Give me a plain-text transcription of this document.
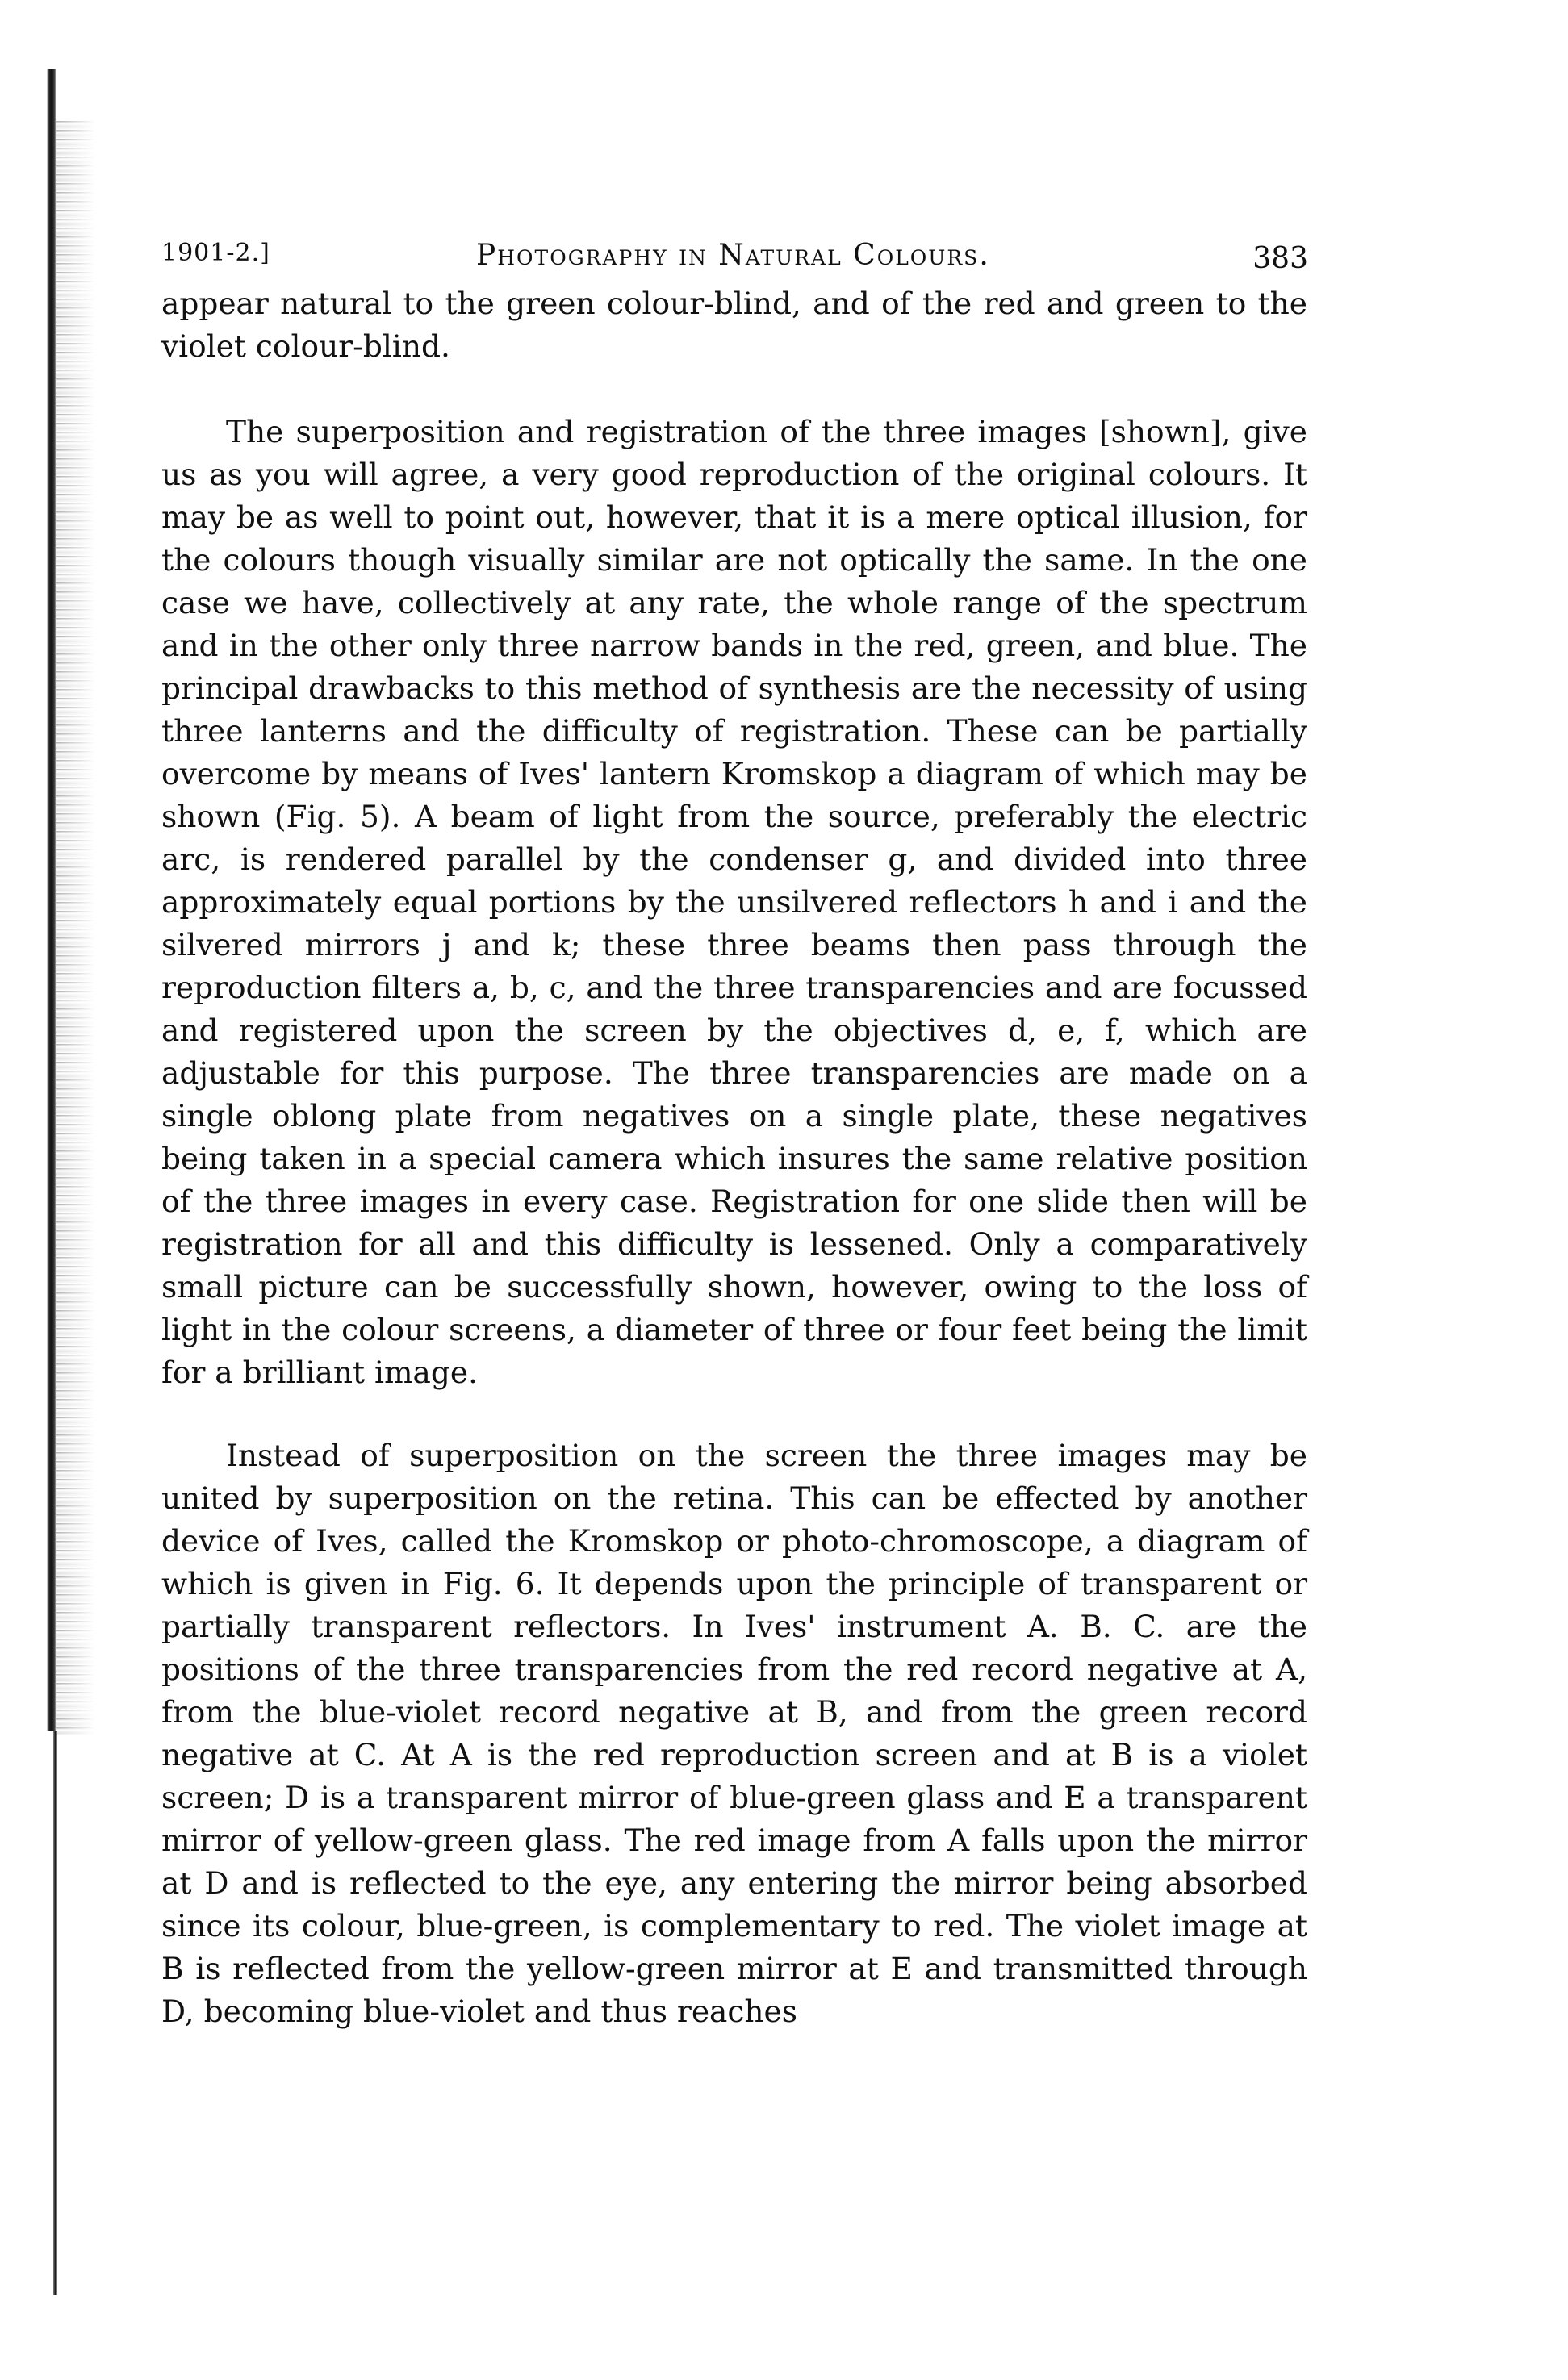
1901-2.]	Photography in Natural Colours.	383

appear natural to the green colour-blind, and of the red and green to the violet colour-blind.

The superposition and registration of the three images [shown], give us as you will agree, a very good reproduction of the original colours. It may be as well to point out, however, that it is a mere optical illusion, for the colours though visually similar are not optically the same. In the one case we have, collectively at any rate, the whole range of the spectrum and in the other only three narrow bands in the red, green, and blue. The principal drawbacks to this method of synthesis are the necessity of using three lanterns and the difficulty of registration. These can be partially overcome by means of Ives' lantern Kromskop a diagram of which may be shown (Fig. 5). A beam of light from the source, preferably the electric arc, is rendered parallel by the condenser g, and divided into three approximately equal portions by the unsilvered reflectors h and i and the silvered mirrors j and k; these three beams then pass through the reproduction filters a, b, c, and the three transparencies and are focussed and registered upon the screen by the objectives d, e, f, which are adjustable for this purpose. The three transparencies are made on a single oblong plate from negatives on a single plate, these negatives being taken in a special camera which insures the same relative position of the three images in every case. Registration for one slide then will be registration for all and this difficulty is lessened. Only a comparatively small picture can be successfully shown, however, owing to the loss of light in the colour screens, a diameter of three or four feet being the limit for a brilliant image.

Instead of superposition on the screen the three images may be united by superposition on the retina. This can be effected by another device of Ives, called the Kromskop or photo-chromoscope, a diagram of which is given in Fig. 6. It depends upon the principle of transparent or partially transparent reflectors. In Ives' instrument A. B. C. are the positions of the three transparencies from the red record negative at A, from the blue-violet record negative at B, and from the green record negative at C. At A is the red reproduction screen and at B is a violet screen; D is a transparent mirror of blue-green glass and E a transparent mirror of yellow-green glass. The red image from A falls upon the mirror at D and is reflected to the eye, any entering the mirror being absorbed since its colour, blue-green, is complementary to red. The violet image at B is reflected from the yellow-green mirror at E and transmitted through D, becoming blue-violet and thus reaches
